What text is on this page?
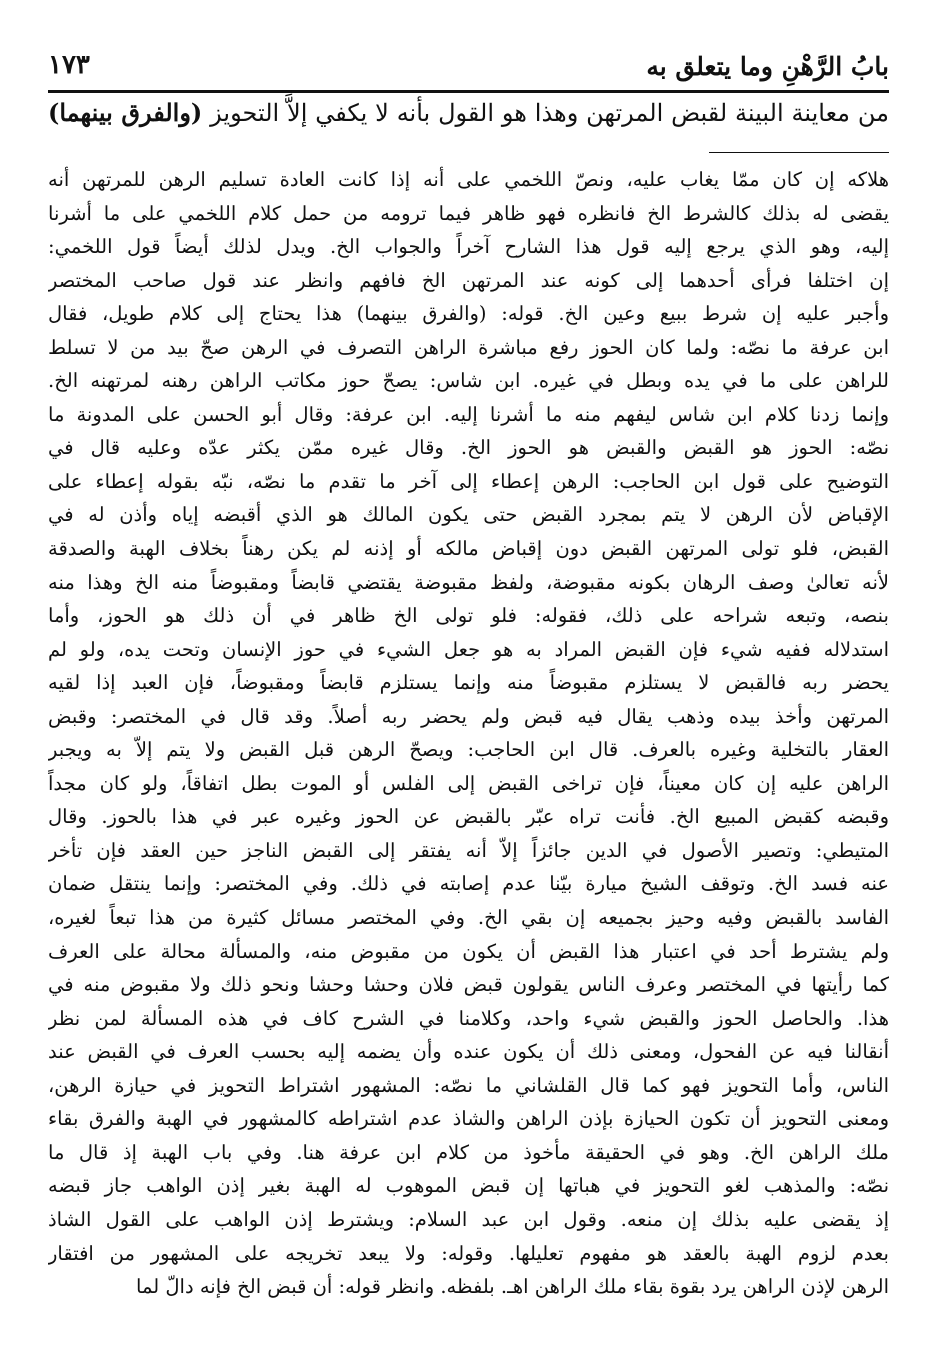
بابُ الرَّهْنِ وما يتعلق به
١٧٣
من معاينة البينة لقبض المرتهن وهذا هو القول بأنه لا يكفي إلاَّ التحويز (والفرق بينهما)
هلاكه إن كان ممّا يغاب عليه، ونصّ اللخمي على أنه إذا كانت العادة تسليم الرهن للمرتهن أنه
يقضى له بذلك كالشرط الخ فانظره فهو ظاهر فيما ترومه من حمل كلام اللخمي على ما أشرنا
إليه، وهو الذي يرجع إليه قول هذا الشارح آخراً والجواب الخ. ويدل لذلك أيضاً قول اللخمي:
إن اختلفا فرأى أحدهما إلى كونه عند المرتهن الخ فافهم وانظر عند قول صاحب المختصر
وأجبر عليه إن شرط ببيع وعين الخ. قوله: (والفرق بينهما) هذا يحتاج إلى كلام طويل، فقال
ابن عرفة ما نصّه: ولما كان الحوز رفع مباشرة الراهن التصرف في الرهن صحّ بيد من لا تسلط
للراهن على ما في يده وبطل في غيره. ابن شاس: يصحّ حوز مكاتب الراهن رهنه لمرتهنه الخ.
وإنما زدنا كلام ابن شاس ليفهم منه ما أشرنا إليه. ابن عرفة: وقال أبو الحسن على المدونة ما
نصّه: الحوز هو القبض والقبض هو الحوز الخ. وقال غيره ممّن يكثر عدّه وعليه قال في
التوضيح على قول ابن الحاجب: الرهن إعطاء إلى آخر ما تقدم ما نصّه، نبّه بقوله إعطاء على
الإقباض لأن الرهن لا يتم بمجرد القبض حتى يكون المالك هو الذي أقبضه إياه وأذن له في
القبض، فلو تولى المرتهن القبض دون إقباض مالكه أو إذنه لم يكن رهناً بخلاف الهبة والصدقة
لأنه تعالىٰ وصف الرهان بكونه مقبوضة، ولفظ مقبوضة يقتضي قابضاً ومقبوضاً منه الخ وهذا منه
بنصه، وتبعه شراحه على ذلك، فقوله: فلو تولى الخ ظاهر في أن ذلك هو الحوز، وأما
استدلاله ففيه شيء فإن القبض المراد به هو جعل الشيء في حوز الإنسان وتحت يده، ولو لم
يحضر ربه فالقبض لا يستلزم مقبوضاً منه وإنما يستلزم قابضاً ومقبوضاً، فإن العبد إذا لقيه
المرتهن وأخذ بيده وذهب يقال فيه قبض ولم يحضر ربه أصلاً. وقد قال في المختصر: وقبض
العقار بالتخلية وغيره بالعرف. قال ابن الحاجب: ويصحّ الرهن قبل القبض ولا يتم إلاّ به ويجبر
الراهن عليه إن كان معيناً، فإن تراخى القبض إلى الفلس أو الموت بطل اتفاقاً، ولو كان مجداً
وقبضه كقبض المبيع الخ. فأنت تراه عبّر بالقبض عن الحوز وغيره عبر في هذا بالحوز. وقال
المتيطي: وتصير الأصول في الدين جائزاً إلاّ أنه يفتقر إلى القبض الناجز حين العقد فإن تأخر
عنه فسد الخ. وتوقف الشيخ ميارة بيّنا عدم إصابته في ذلك. وفي المختصر: وإنما ينتقل ضمان
الفاسد بالقبض وفيه وحيز بجميعه إن بقي الخ. وفي المختصر مسائل كثيرة من هذا تبعاً لغيره،
ولم يشترط أحد في اعتبار هذا القبض أن يكون من مقبوض منه، والمسألة محالة على العرف
كما رأيتها في المختصر وعرف الناس يقولون قبض فلان وحشا وحشا ونحو ذلك ولا مقبوض منه في
هذا. والحاصل الحوز والقبض شيء واحد، وكلامنا في الشرح كاف في هذه المسألة لمن نظر
أنقالنا فيه عن الفحول، ومعنى ذلك أن يكون عنده وأن يضمه إليه بحسب العرف في القبض عند
الناس، وأما التحويز فهو كما قال القلشاني ما نصّه: المشهور اشتراط التحويز في حيازة الرهن،
ومعنى التحويز أن تكون الحيازة بإذن الراهن والشاذ عدم اشتراطه كالمشهور في الهبة والفرق بقاء
ملك الراهن الخ. وهو في الحقيقة مأخوذ من كلام ابن عرفة هنا. وفي باب الهبة إذ قال ما
نصّه: والمذهب لغو التحويز في هباتها إن قبض الموهوب له الهبة بغير إذن الواهب جاز قبضه
إذ يقضى عليه بذلك إن منعه. وقول ابن عبد السلام: ويشترط إذن الواهب على القول الشاذ
بعدم لزوم الهبة بالعقد هو مفهوم تعليلها. وقوله: ولا يبعد تخريجه على المشهور من افتقار
الرهن لإذن الراهن يرد بقوة بقاء ملك الراهن اهـ. بلفظه. وانظر قوله: أن قبض الخ فإنه دالّ لما
